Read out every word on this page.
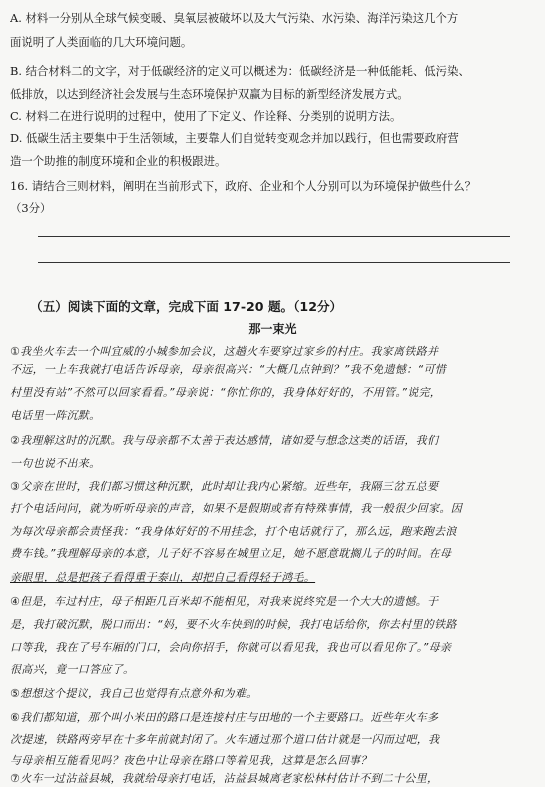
A. 材料一分别从全球气候变暖、臭氧层被破坏以及大气污染、水污染、海洋污染这几个方
面说明了人类面临的几大环境问题。
B. 结合材料二的文字，对于低碳经济的定义可以概述为：低碳经济是一种低能耗、低污染、
低排放，以达到经济社会发展与生态环境保护双赢为目标的新型经济发展方式。
C. 材料二在进行说明的过程中，使用了下定义、作诠释、分类别的说明方法。
D. 低碳生活主要集中于生活领域，主要靠人们自觉转变观念并加以践行，但也需要政府营
造一个助推的制度环境和企业的积极跟进。
16. 请结合三则材料，阐明在当前形式下，政府、企业和个人分别可以为环境保护做些什么？
（3分）
（五）阅读下面的文章，完成下面 17-20 题。（12分）
那一束光
①我坐火车去一个叫宜威的小城参加会议，这趟火车要穿过家乡的村庄。我家离铁路并
不远，一上车我就打电话告诉母亲，母亲很高兴：“大概几点钟到？”我不免遗憾：“可惜
村里没有站”不然可以回家看看。”母亲说：“你忙你的，我身体好好的，不用管。”说完，
电话里一阵沉默。
②我理解这时的沉默。我与母亲都不太善于表达感情，诸如爱与想念这类的话语，我们
一句也说不出来。
③父亲在世时，我们都习惯这种沉默，此时却让我内心紧缩。近些年，我隔三岔五总要
打个电话问问，就为听听母亲的声音，如果不是假期或者有特殊事情，我一般很少回家。因
为每次母亲都会责怪我：“我身体好好的不用挂念，打个电话就行了，那么远，跑来跑去浪
费车钱。”我理解母亲的本意，儿子好不容易在城里立足，她不愿意耽搁儿子的时间。在母
亲眼里，总是把孩子看得重于泰山，却把自己看得轻于鸿毛。
④但是，车过村庄，母子相距几百米却不能相见，对我来说终究是一个大大的遗憾。于
是，我打破沉默，脱口而出：“妈，要不火车快到的时候，我打电话给你，你去村里的铁路
口等我，我在了号车厢的门口，会向你招手，你就可以看见我，我也可以看见你了。”母亲
很高兴，竟一口答应了。
⑤想想这个提议，我自己也觉得有点意外和为难。
⑥我们都知道，那个叫小米田的路口是连接村庄与田地的一个主要路口。近些年火车多
次提速，铁路两旁早在十多年前就封闭了。火车通过那个道口估计就是一闪而过吧，我
与母亲相互能看见吗？夜色中让母亲在路口等着见我，这算是怎么回事？
⑦火车一过沾益县城，我就给母亲打电话，沾益县城离老家松林村估计不到二十公里，
